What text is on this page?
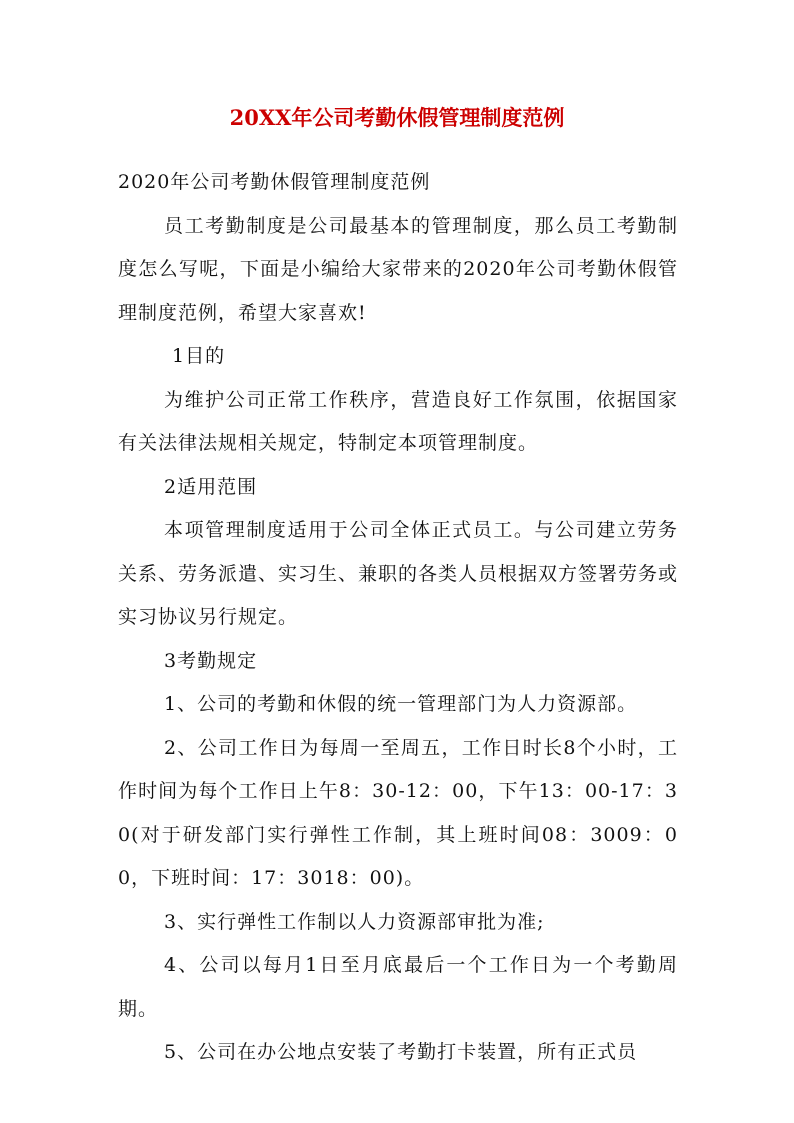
20XX年公司考勤休假管理制度范例

2020年公司考勤休假管理制度范例

员工考勤制度是公司最基本的管理制度，那么员工考勤制度怎么写呢，下面是小编给大家带来的2020年公司考勤休假管理制度范例，希望大家喜欢!

1目的

为维护公司正常工作秩序，营造良好工作氛围，依据国家有关法律法规相关规定，特制定本项管理制度。

2适用范围

本项管理制度适用于公司全体正式员工。与公司建立劳务关系、劳务派遣、实习生、兼职的各类人员根据双方签署劳务或实习协议另行规定。

3考勤规定

1、公司的考勤和休假的统一管理部门为人力资源部。

2、公司工作日为每周一至周五，工作日时长8个小时，工作时间为每个工作日上午8：30-12：00，下午13：00-17：30(对于研发部门实行弹性工作制，其上班时间08：3009：00，下班时间：17：3018：00)。

3、实行弹性工作制以人力资源部审批为准;

4、公司以每月1日至月底最后一个工作日为一个考勤周期。

5、公司在办公地点安装了考勤打卡装置，所有正式员
